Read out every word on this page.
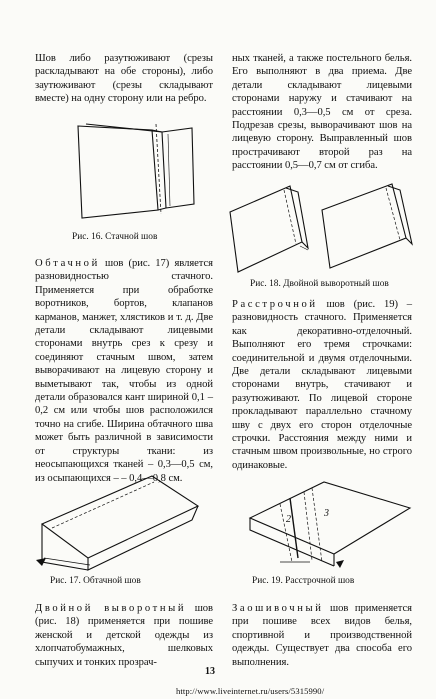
Шов либо разутюживают (срезы раскладывают на обе стороны), либо заутюживают (срезы складывают вместе) на одну сторону или на ребро.

Рис. 16. Стачной шов

Обтачной шов (рис. 17) является разновидностью стачного. Применяется при обработке воротников, бортов, клапанов карманов, манжет, хлястиков и т. д. Две детали складывают лицевыми сторонами внутрь срез к срезу и соединяют стачным швом, затем выворачивают на лицевую сторону и выметывают так, чтобы из одной детали образовался кант шириной 0,1 –0,2 см или чтобы шов расположился точно на сгибе. Ширина обтачного шва может быть различной в зависимости от структуры ткани: из неосыпающихся тканей – 0,3—0,5 см, из осыпающихся – – 0,4—0,8 см.

Рис. 17. Обтачной шов

Двойной выворотный шов (рис. 18) применяется при пошиве женской и детской одежды из хлопчатобумажных, шелковых сыпучих и тонких прозрач-

ных тканей, а также постельного белья. Его выполняют в два приема. Две детали складывают лицевыми сторонами наружу и стачивают на расстоянии 0,3—0,5 см от среза. Подрезав срезы, выворачивают шов на лицевую сторону. Выправленный шов прострачивают второй раз на расстоянии 0,5—0,7 см от сгиба.

Рис. 18. Двойной выворотный шов

Расстрочной шов (рис. 19) –разновидность стачного. Применяется как декоративно-отделочный. Выполняют его тремя строчками: соединительной и двумя отделочными. Две детали складывают лицевыми сторонами внутрь, стачивают и разутюживают. По лицевой стороне прокладывают параллельно стачному шву с двух его сторон отделочные строчки. Расстояния между ними и стачным швом произвольные, но строго одинаковые.

2
3
Рис. 19. Расстрочной шов

Заошивочный шов применяется при пошиве всех видов белья, спортивной и производственной одежды. Существует два способа его выполнения.

13
http://www.liveinternet.ru/users/5315990/
